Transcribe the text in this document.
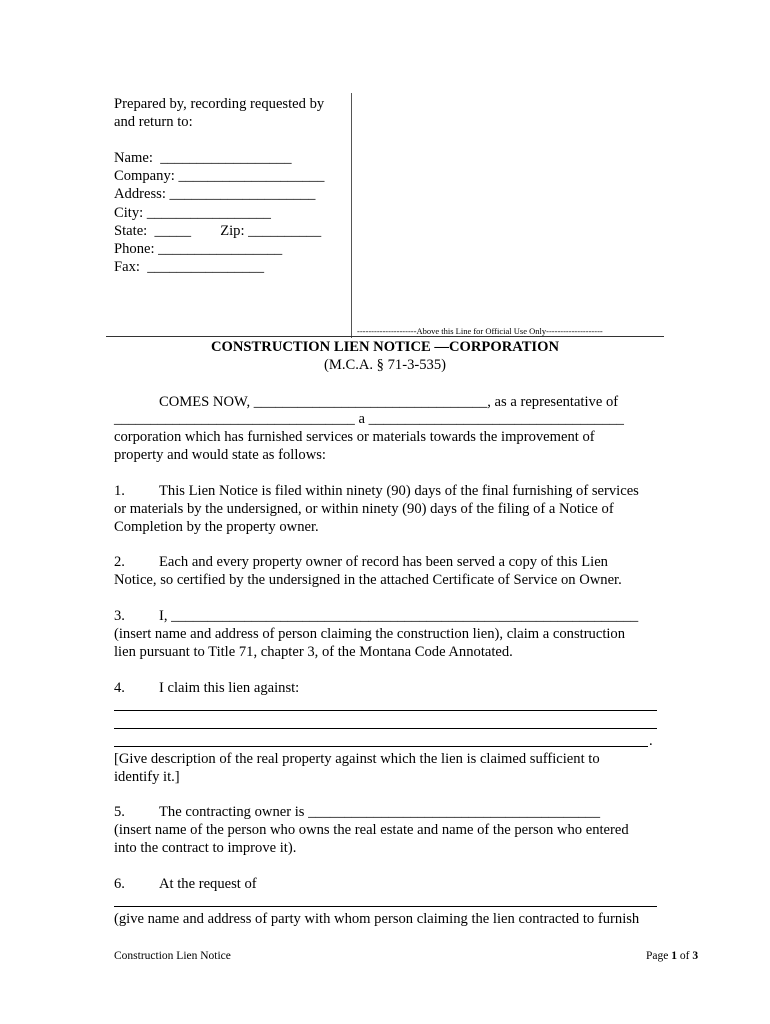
Prepared by, recording requested by
and return to:
Name:  __________________
Company: ____________________
Address: ____________________
City: _________________
State:  _____        Zip: __________
Phone: _________________
Fax:  ________________
---------------------Above this Line for Official Use Only--------------------
CONSTRUCTION LIEN NOTICE —CORPORATION
(M.C.A. § 71-3-535)
COMES NOW, ________________________________, as a representative of
_________________________________ a ___________________________________
corporation which has furnished services or materials towards the improvement of
property and would state as follows:
1. This Lien Notice is filed within ninety (90) days of the final furnishing of services
or materials by the undersigned, or within ninety (90) days of the filing of a Notice of
Completion by the property owner.
2. Each and every property owner of record has been served a copy of this Lien
Notice, so certified by the undersigned in the attached Certificate of Service on Owner.
3. I, ________________________________________________________________
(insert name and address of person claiming the construction lien), claim a construction
lien pursuant to Title 71, chapter 3, of the Montana Code Annotated.
4. I claim this lien against:
.
[Give description of the real property against which the lien is claimed sufficient to
identify it.]
5. The contracting owner is ________________________________________
(insert name of the person who owns the real estate and name of the person who entered
into the contract to improve it).
6. At the request of
(give name and address of party with whom person claiming the lien contracted to furnish
Construction Lien Notice	Page 1 of 3
